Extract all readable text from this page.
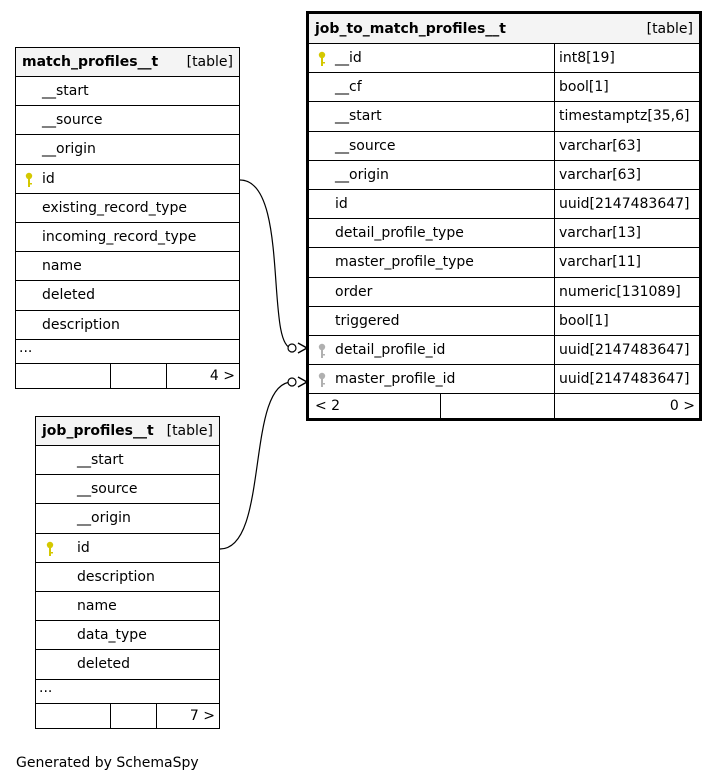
match_profiles__t [table]
__start
__source
__origin
id
existing_record_type
incoming_record_type
name
deleted
description
...
4 >
job_profiles__t [table]
__start
__source
__origin
id
description
name
data_type
deleted
...
7 >
job_to_match_profiles__t	[table]
__id	int8[19]
__cf	bool[1]
__start	timestamptz[35,6]
__source	varchar[63]
__origin	varchar[63]
id	uuid[2147483647]
detail_profile_type	varchar[13]
master_profile_type	varchar[11]
order	numeric[131089]
triggered	bool[1]
detail_profile_id	uuid[2147483647]
master_profile_id	uuid[2147483647]
< 2	0 >
Generated by SchemaSpy
